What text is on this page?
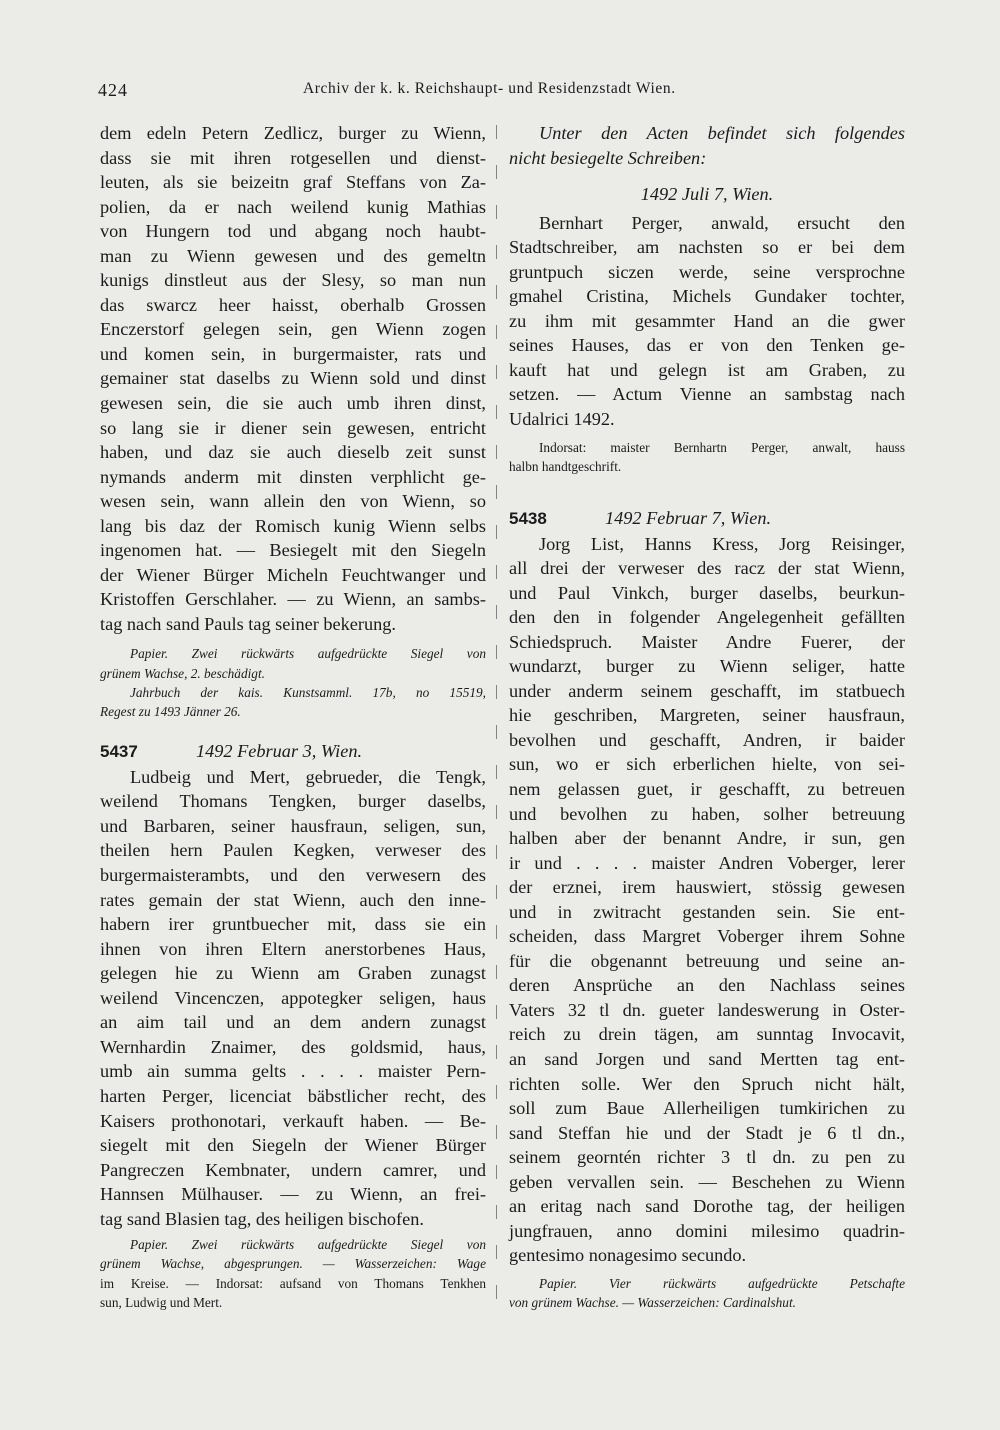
424	Archiv der k. k. Reichshaupt- und Residenzstadt Wien.

dem edeln Petern Zedlicz, burger zu Wienn,
dass sie mit ihren rotgesellen und dienst-
leuten, als sie beizeitn graf Steffans von Za-
polien, da er nach weilend kunig Mathias
von Hungern tod und abgang noch haubt-
man zu Wienn gewesen und des gemeltn
kunigs dinstleut aus der Slesy, so man nun
das swarcz heer haisst, oberhalb Grossen
Enczerstorf gelegen sein, gen Wienn zogen
und komen sein, in burgermaister, rats und
gemainer stat daselbs zu Wienn sold und dinst
gewesen sein, die sie auch umb ihren dinst,
so lang sie ir diener sein gewesen, entricht
haben, und daz sie auch dieselb zeit sunst
nymands anderm mit dinsten verphlicht ge-
wesen sein, wann allein den von Wienn, so
lang bis daz der Romisch kunig Wienn selbs
ingenomen hat. — Besiegelt mit den Siegeln
der Wiener Bürger Micheln Feuchtwanger und
Kristoffen Gerschlaher. — zu Wienn, an sambs-
tag nach sand Pauls tag seiner bekerung.

Papier. Zwei rückwärts aufgedrückte Siegel von
grünem Wachse, 2. beschädigt.
Jahrbuch der kais. Kunstsamml. 17b, no 15519,
Regest zu 1493 Jänner 26.

5437	1492 Februar 3, Wien.

Ludbeig und Mert, gebrueder, die Tengk,
weilend Thomans Tengken, burger daselbs,
und Barbaren, seiner hausfraun, seligen, sun,
theilen hern Paulen Kegken, verweser des
burgermaisterambts, und den verwesern des
rates gemain der stat Wienn, auch den inne-
habern irer gruntbuecher mit, dass sie ein
ihnen von ihren Eltern anerstorbenes Haus,
gelegen hie zu Wienn am Graben zunagst
weilend Vincenczen, appotegker seligen, haus
an aim tail und an dem andern zunagst
Wernhardin Znaimer, des goldsmid, haus,
umb ain summa gelts . . . . maister Pern-
harten Perger, licenciat bäbstlicher recht, des
Kaisers prothonotari, verkauft haben. — Be-
siegelt mit den Siegeln der Wiener Bürger
Pangreczen Kembnater, undern camrer, und
Hannsen Mülhauser. — zu Wienn, an frei-
tag sand Blasien tag, des heiligen bischofen.

Papier. Zwei rückwärts aufgedrückte Siegel von
grünem Wachse, abgesprungen. — Wasserzeichen: Wage
im Kreise. — Indorsat: aufsand von Thomans Tenkhen
sun, Ludwig und Mert.

Unter den Acten befindet sich folgendes
nicht besiegelte Schreiben:

1492 Juli 7, Wien.

Bernhart Perger, anwald, ersucht den
Stadtschreiber, am nachsten so er bei dem
gruntpuch siczen werde, seine versprochne
gmahel Cristina, Michels Gundaker tochter,
zu ihm mit gesammter Hand an die gwer
seines Hauses, das er von den Tenken ge-
kauft hat und gelegn ist am Graben, zu
setzen. — Actum Vienne an sambstag nach
Udalrici 1492.

Indorsat: maister Bernhartn Perger, anwalt, hauss
halbn handtgeschrift.

5438	1492 Februar 7, Wien.

Jorg List, Hanns Kress, Jorg Reisinger,
all drei der verweser des racz der stat Wienn,
und Paul Vinkch, burger daselbs, beurkun-
den den in folgender Angelegenheit gefällten
Schiedspruch. Maister Andre Fuerer, der
wundarzt, burger zu Wienn seliger, hatte
under anderm seinem geschafft, im statbuech
hie geschriben, Margreten, seiner hausfraun,
bevolhen und geschafft, Andren, ir baider
sun, wo er sich erberlichen hielte, von sei-
nem gelassen guet, ir geschafft, zu betreuen
und bevolhen zu haben, solher betreuung
halben aber der benannt Andre, ir sun, gen
ir und . . . . maister Andren Voberger, lerer
der erznei, irem hauswiert, stössig gewesen
und in zwitracht gestanden sein. Sie ent-
scheiden, dass Margret Voberger ihrem Sohne
für die obgenannt betreuung und seine an-
deren Ansprüche an den Nachlass seines
Vaters 32 tl dn. gueter landeswerung in Oster-
reich zu drein tägen, am sunntag Invocavit,
an sand Jorgen und sand Mertten tag ent-
richten solle. Wer den Spruch nicht hält,
soll zum Baue Allerheiligen tumkirichen zu
sand Steffan hie und der Stadt je 6 tl dn.,
seinem georntén richter 3 tl dn. zu pen zu
geben vervallen sein. — Beschehen zu Wienn
an eritag nach sand Dorothe tag, der heiligen
jungfrauen, anno domini milesimo quadrin-
gentesimo nonagesimo secundo.

Papier. Vier rückwärts aufgedrückte Petschafte
von grünem Wachse. — Wasserzeichen: Cardinalshut.
